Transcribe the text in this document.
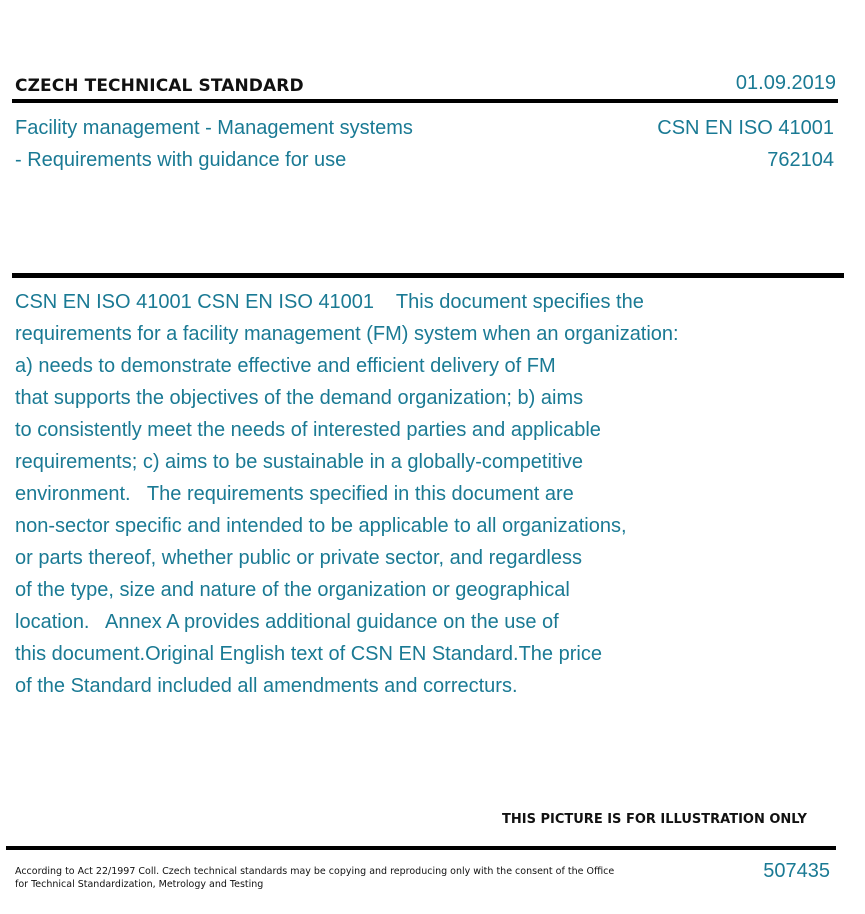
CZECH TECHNICAL STANDARD	01.09.2019
Facility management - Management systems
- Requirements with guidance for use
CSN EN ISO 41001
762104
CSN EN ISO 41001 CSN EN ISO 41001    This document specifies the
requirements for a facility management (FM) system when an organization:
a) needs to demonstrate effective and efficient delivery of FM
that supports the objectives of the demand organization; b) aims
to consistently meet the needs of interested parties and applicable
requirements; c) aims to be sustainable in a globally-competitive
environment.   The requirements specified in this document are
non-sector specific and intended to be applicable to all organizations,
or parts thereof, whether public or private sector, and regardless
of the type, size and nature of the organization or geographical
location.   Annex A provides additional guidance on the use of
this document.Original English text of CSN EN Standard.The price
of the Standard included all amendments and correcturs.
THIS PICTURE IS FOR ILLUSTRATION ONLY
According to Act 22/1997 Coll. Czech technical standards may be copying and reproducing only with the consent of the Office
for Technical Standardization, Metrology and Testing
507435
